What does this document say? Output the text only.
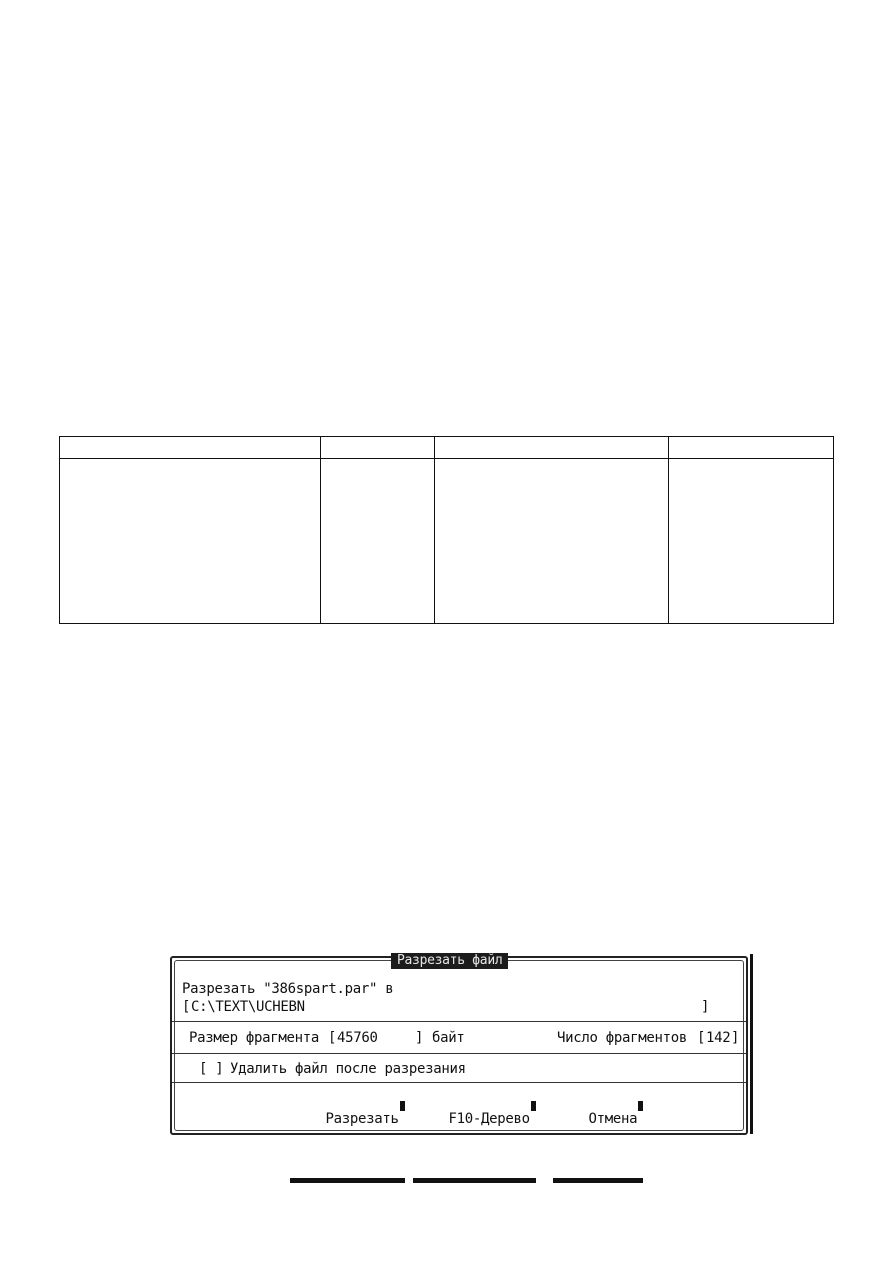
Разрезать файл
Разрезать "386spart.par" в
[ C:\TEXT\UCHEBN	]
Размер фрагмента [ 45760	] байт	Число фрагментов [ 142 ]
[ ] Удалить файл после разрезания

Разрезать

	F10-Дерево

	Отмена
